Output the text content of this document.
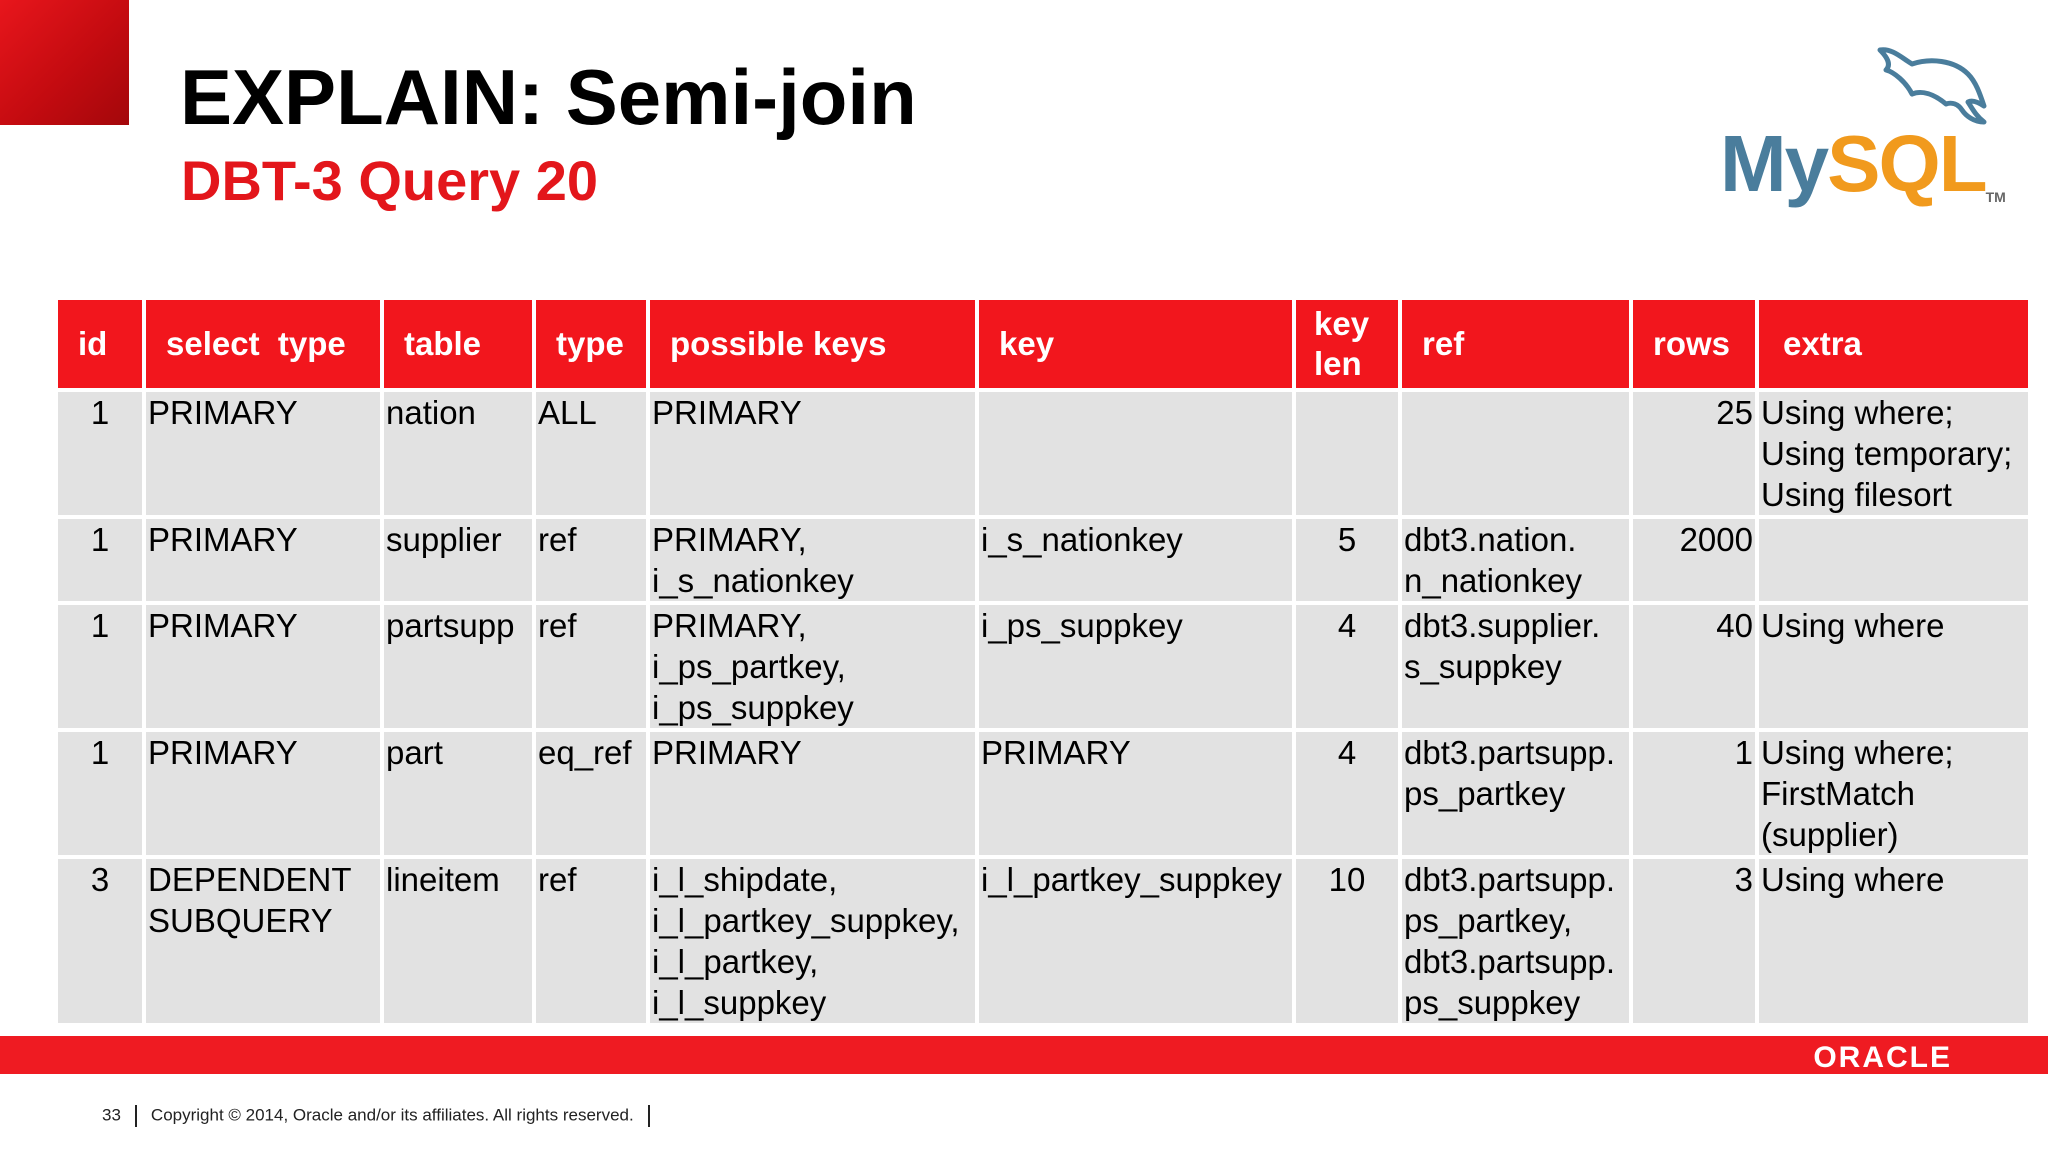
EXPLAIN: Semi-join
DBT-3 Query 20	MySQLTM
id	select  type	table	type	possible keys	key	key len	ref	rows	extra

1	PRIMARY	nation	ALL	PRIMARY				25	Using where;
Using temporary;
Using filesort

1	PRIMARY	supplier	ref	PRIMARY,
i_s_nationkey	i_s_nationkey	5	dbt3.nation.
n_nationkey	2000	

1	PRIMARY	partsupp	ref	PRIMARY,
i_ps_partkey,
i_ps_suppkey	i_ps_suppkey	4	dbt3.supplier.
s_suppkey	40	Using where

1	PRIMARY	part	eq_ref	PRIMARY	PRIMARY	4	dbt3.partsupp.
ps_partkey	1	Using where;
FirstMatch
(supplier)

3	DEPENDENT
SUBQUERY	lineitem	ref	i_l_shipdate,
i_l_partkey_suppkey,
i_l_partkey,
i_l_suppkey	i_l_partkey_suppkey	10	dbt3.partsupp.
ps_partkey,
dbt3.partsupp.
ps_suppkey	3	Using where
ORACLE
33 Copyright © 2014, Oracle and/or its affiliates. All rights reserved.
